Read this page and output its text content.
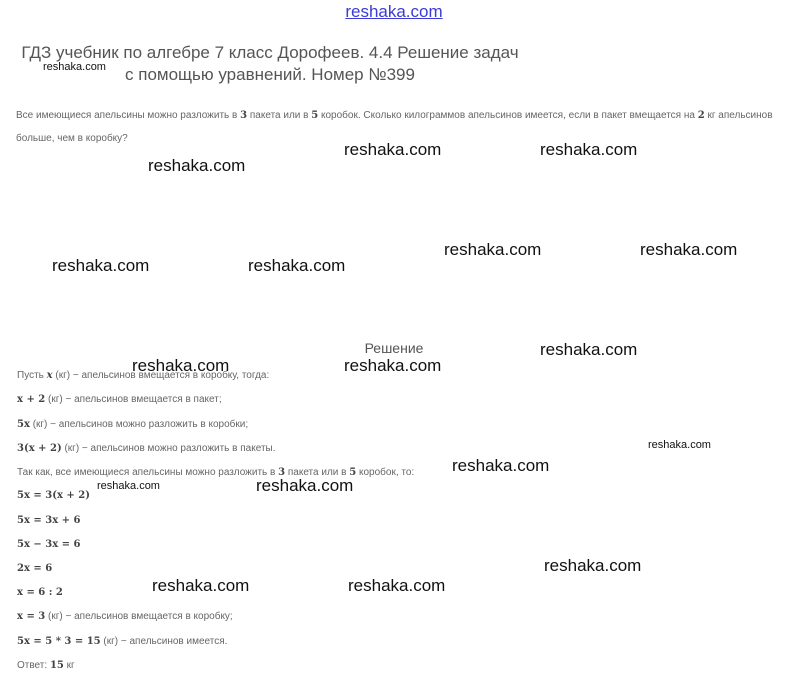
reshaka.com
ГДЗ учебник по алгебре 7 класс Дорофеев. 4.4 Решение задач с помощью уравнений. Номер №399
Все имеющиеся апельсины можно разложить в 3 пакета или в 5 коробок. Сколько килограммов апельсинов имеется, если в пакет вмещается на 2 кг апельсинов больше, чем в коробку?
Решение
Пусть x (кг) − апельсинов вмещается в коробку, тогда:
x + 2 (кг) − апельсинов вмещается в пакет;
5x (кг) − апельсинов можно разложить в коробки;
3(x + 2) (кг) − апельсинов можно разложить в пакеты.
Так как, все имеющиеся апельсины можно разложить в 3 пакета или в 5 коробок, то:
5x = 3(x + 2)
5x = 3x + 6
5x − 3x = 6
2x = 6
x = 6 : 2
x = 3 (кг) − апельсинов вмещается в коробку;
5x = 5 * 3 = 15 (кг) − апельсинов имеется.
Ответ: 15 кг
reshaka.com
reshaka.com
reshaka.com	reshaka.com
reshaka.com	reshaka.com
reshaka.com	reshaka.com
reshaka.com	reshaka.com
reshaka.com
reshaka.com
reshaka.com
reshaka.com	reshaka.com
reshaka.com
reshaka.com	reshaka.com
